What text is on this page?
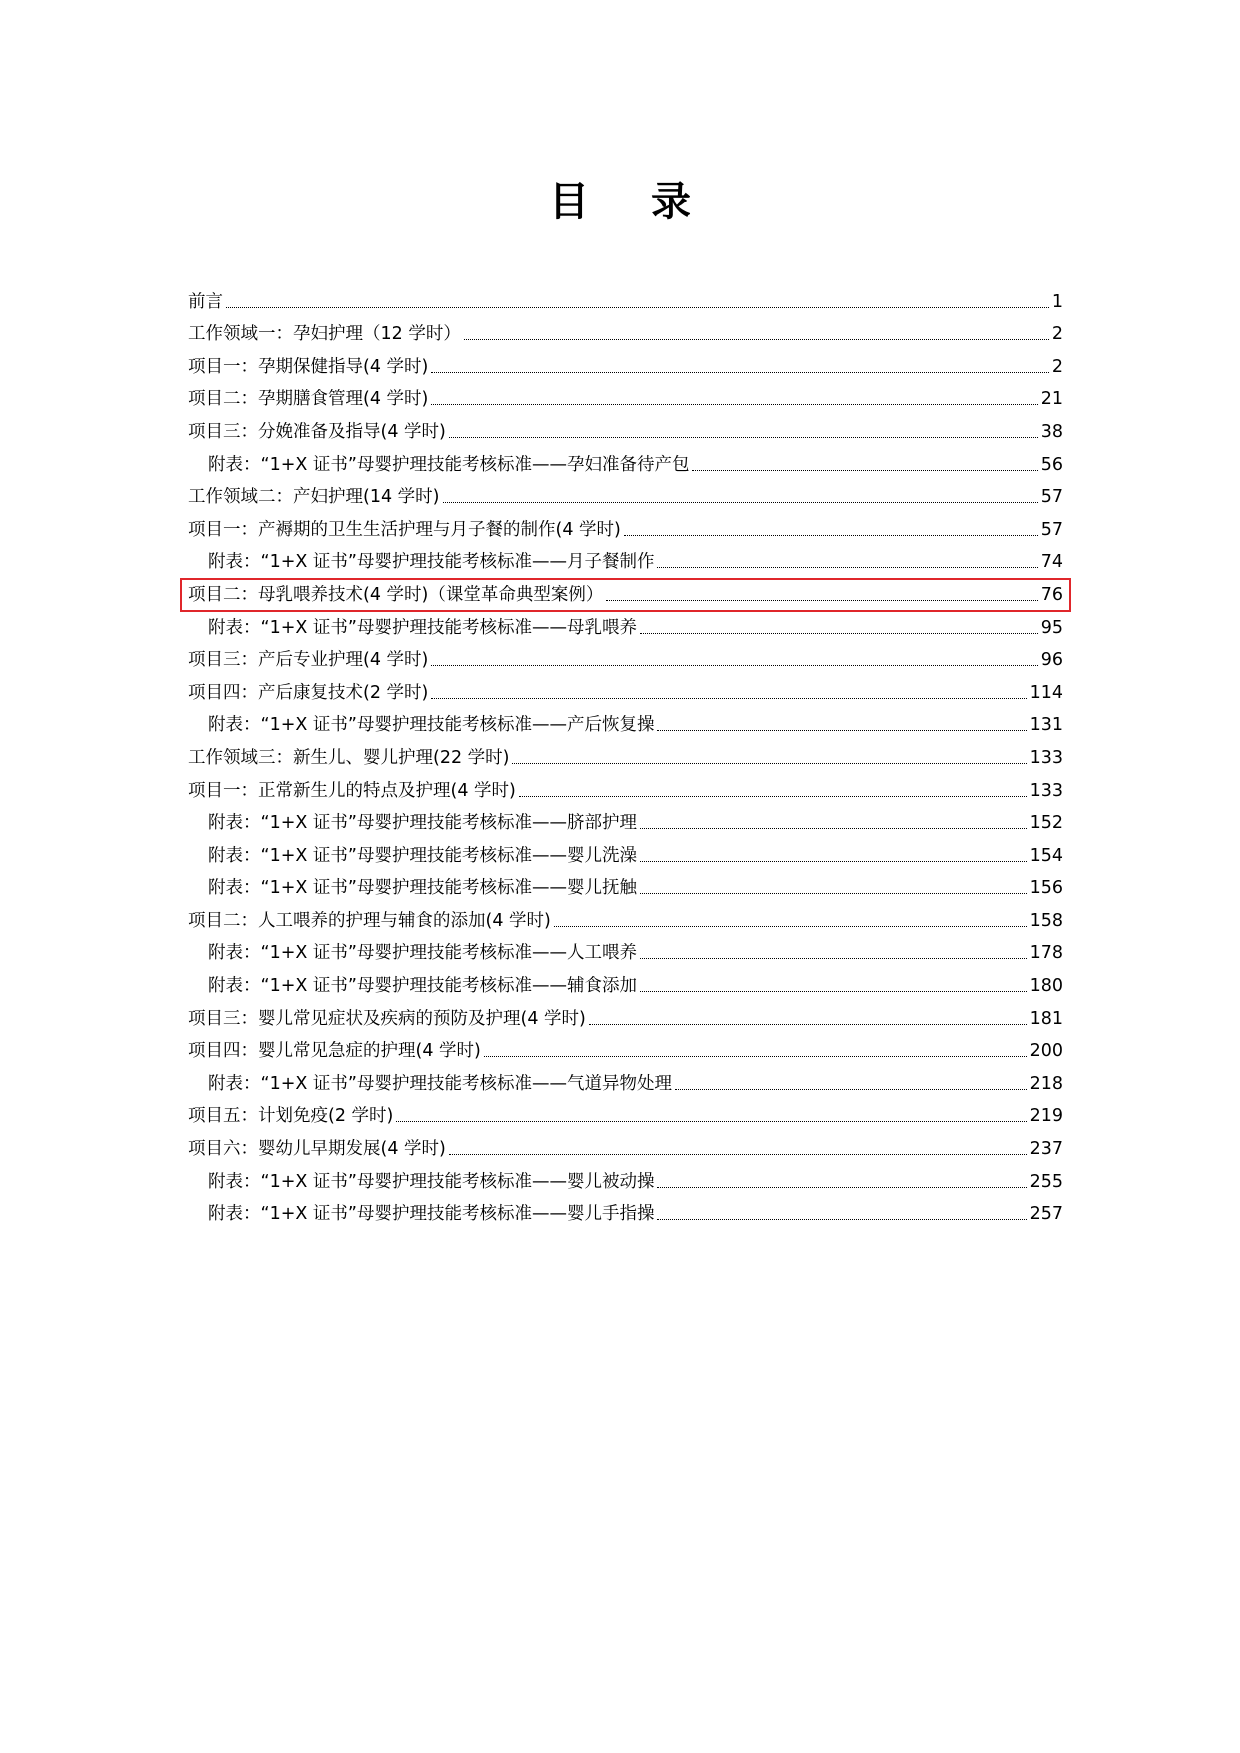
目 录
前言	1
工作领域一：孕妇护理（12 学时）	2
项目一：孕期保健指导(4 学时)	2
项目二：孕期膳食管理(4 学时)	21
项目三：分娩准备及指导(4 学时)	38
附表：“1+X 证书”母婴护理技能考核标准——孕妇准备待产包	56
工作领域二：产妇护理(14 学时)	57
项目一：产褥期的卫生生活护理与月子餐的制作(4 学时)	57
附表：“1+X 证书”母婴护理技能考核标准——月子餐制作	74
项目二：母乳喂养技术(4 学时)（课堂革命典型案例）	76
附表：“1+X 证书”母婴护理技能考核标准——母乳喂养	95
项目三：产后专业护理(4 学时)	96
项目四：产后康复技术(2 学时)	114
附表：“1+X 证书”母婴护理技能考核标准——产后恢复操	131
工作领域三：新生儿、婴儿护理(22 学时)	133
项目一：正常新生儿的特点及护理(4 学时)	133
附表：“1+X 证书”母婴护理技能考核标准——脐部护理	152
附表：“1+X 证书”母婴护理技能考核标准——婴儿洗澡	154
附表：“1+X 证书”母婴护理技能考核标准——婴儿抚触	156
项目二：人工喂养的护理与辅食的添加(4 学时)	158
附表：“1+X 证书”母婴护理技能考核标准——人工喂养	178
附表：“1+X 证书”母婴护理技能考核标准——辅食添加	180
项目三：婴儿常见症状及疾病的预防及护理(4 学时)	181
项目四：婴儿常见急症的护理(4 学时)	200
附表：“1+X 证书”母婴护理技能考核标准——气道异物处理	218
项目五：计划免疫(2 学时)	219
项目六：婴幼儿早期发展(4 学时)	237
附表：“1+X 证书”母婴护理技能考核标准——婴儿被动操	255
附表：“1+X 证书”母婴护理技能考核标准——婴儿手指操	257
